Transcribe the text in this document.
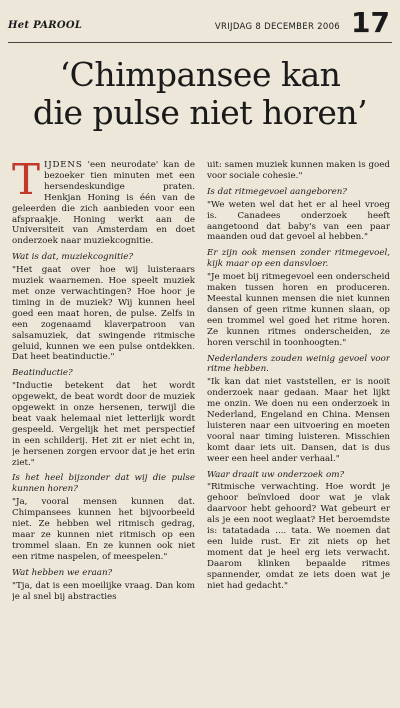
Het PAROOL	VRIJDAG 8 DECEMBER 2006 17
‘Chimpansee kan
die pulse niet horen’

TIJDENS 'een neurodate' kan de bezoeker tien minuten met een hersendeskundige praten. Henkjan Honing is één van de geleerden die zich aanbieden voor een afspraakje. Honing werkt aan de Universiteit van Amsterdam en doet onderzoek naar muziekcognitie.

Wat is dat, muziekcognitie?

"Het gaat over hoe wij luisteraars muziek waarnemen. Hoe speelt muziek met onze verwachtingen? Hoe hoor je timing in de muziek? Wij kunnen heel goed een maat horen, de pulse. Zelfs in een zogenaamd klaverpatroon van salsamuziek, dat swingende ritmische geluid, kunnen we een pulse ontdekken. Dat heet beatinductie."

Beatinductie?

"Inductie betekent dat het wordt opgewekt, de beat wordt door de muziek opgewekt in onze hersenen, terwijl die beat vaak helemaal niet letterlijk wordt gespeeld. Vergelijk het met perspectief in een schilderij. Het zit er niet echt in, je hersenen zorgen ervoor dat je het erin ziet."

Is het heel bijzonder dat wij die pulse kunnen horen?

"Ja, vooral mensen kunnen dat. Chimpansees kunnen het bijvoorbeeld niet. Ze hebben wel ritmisch gedrag, maar ze kunnen niet ritmisch op een trommel slaan. En ze kunnen ook niet een ritme naspelen, of meespelen."

Wat hebben we eraan?

"Tja, dat is een moeilijke vraag. Dan kom je al snel bij abstracties

uit: samen muziek kunnen maken is goed voor sociale cohesie."

Is dat ritmegevoel aangeboren?

"We weten wel dat het er al heel vroeg is. Canadees onderzoek heeft aangetoond dat baby's van een paar maanden oud dat gevoel al hebben."

Er zijn ook mensen zonder ritmegevoel, kijk maar op een dansvloer.

"Je moet bij ritmegevoel een onderscheid maken tussen horen en produceren. Meestal kunnen mensen die niet kunnen dansen of geen ritme kunnen slaan, op een trommel wel goed het ritme horen. Ze kunnen ritmes onderscheiden, ze horen verschil in toonhoogten."

Nederlanders zouden weinig gevoel voor ritme hebben.

"Ik kan dat niet vaststellen, er is nooit onderzoek naar gedaan. Maar het lijkt me onzin. We doen nu een onderzoek in Nederland, Engeland en China. Mensen luisteren naar een uitvoering en moeten vooral naar timing luisteren. Misschien komt daar iets uit. Dansen, dat is dus weer een heel ander verhaal."

Waar draait uw onderzoek om?

"Ritmische verwachting. Hoe wordt je gehoor beïnvloed door wat je vlak daarvoor hebt gehoord? Wat gebeurt er als je een noot weglaat? Het beroemdste is: tatatadada .... tata. We noemen dat een luide rust. Er zit niets op het moment dat je heel erg iets verwacht. Daarom klinken bepaalde ritmes spannender, omdat ze iets doen wat je niet had gedacht."
